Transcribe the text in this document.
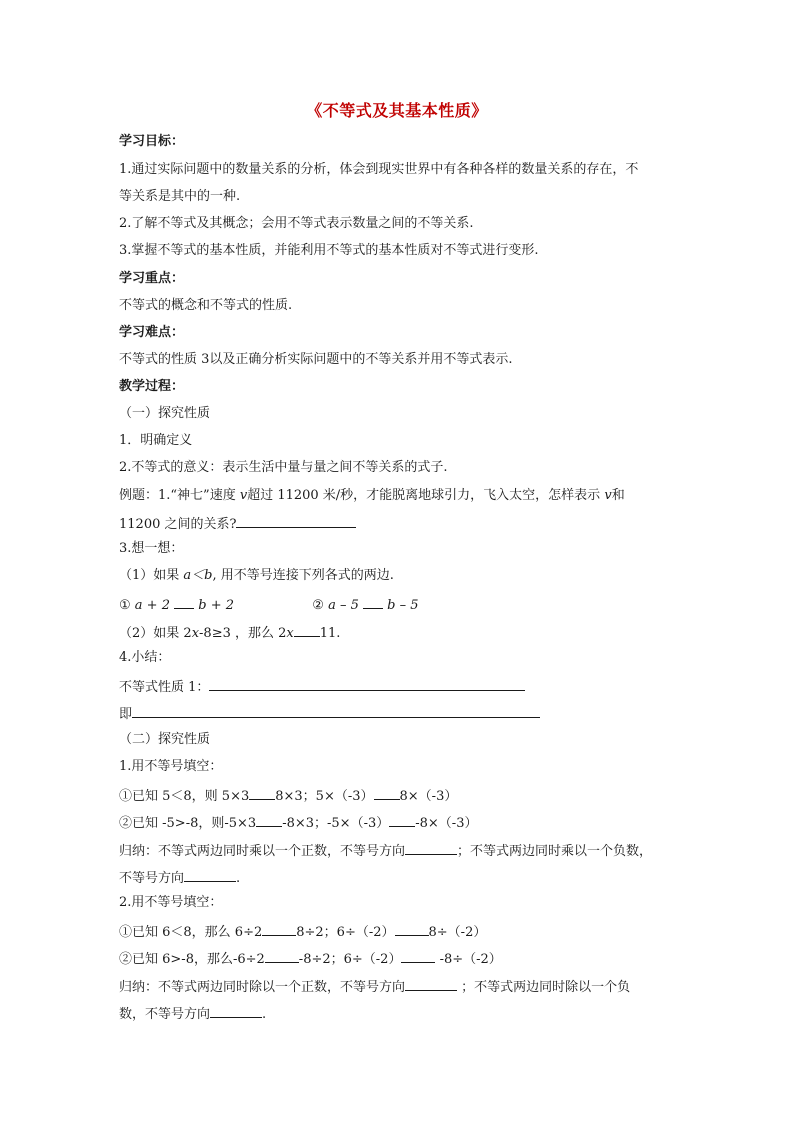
《不等式及其基本性质》
学习目标：
1.通过实际问题中的数量关系的分析，体会到现实世界中有各种各样的数量关系的存在，不
等关系是其中的一种.
2.了解不等式及其概念；会用不等式表示数量之间的不等关系.
3.掌握不等式的基本性质，并能利用不等式的基本性质对不等式进行变形.
学习重点：
不等式的概念和不等式的性质.
学习难点：
不等式的性质 3以及正确分析实际问题中的不等关系并用不等式表示.
教学过程：
（一）探究性质
1．明确定义
2.不等式的意义：表示生活中量与量之间不等关系的式子.
例题：1.“神七”速度 v超过 11200 米/秒，才能脱离地球引力，飞入太空，怎样表示 v和
11200 之间的关系?
3.想一想：
（1）如果 a＜b, 用不等号连接下列各式的两边.
① a + 2 b + 2	② a – 5 b – 5
（2）如果 2x-8≥3 ，那么 2x 11.
4.小结：
不等式性质 1：
即
（二）探究性质
1.用不等号填空：
①已知 5＜8，则 5×3 8×3；5×（-3） 8×（-3）
②已知 -5>-8，则-5×3 -8×3；-5×（-3） -8×（-3）
归纳：不等式两边同时乘以一个正数，不等号方向	；不等式两边同时乘以一个负数，
不等号方向	.
2.用不等号填空：
①已知 6＜8，那么 6÷2	8÷2；6÷（-2）	8÷（-2）
②已知 6>-8，那么-6÷2	-8÷2；6÷（-2）	-8÷（-2）
归纳：不等式两边同时除以一个正数，不等号方向	；不等式两边同时除以一个负
数，不等号方向	.
